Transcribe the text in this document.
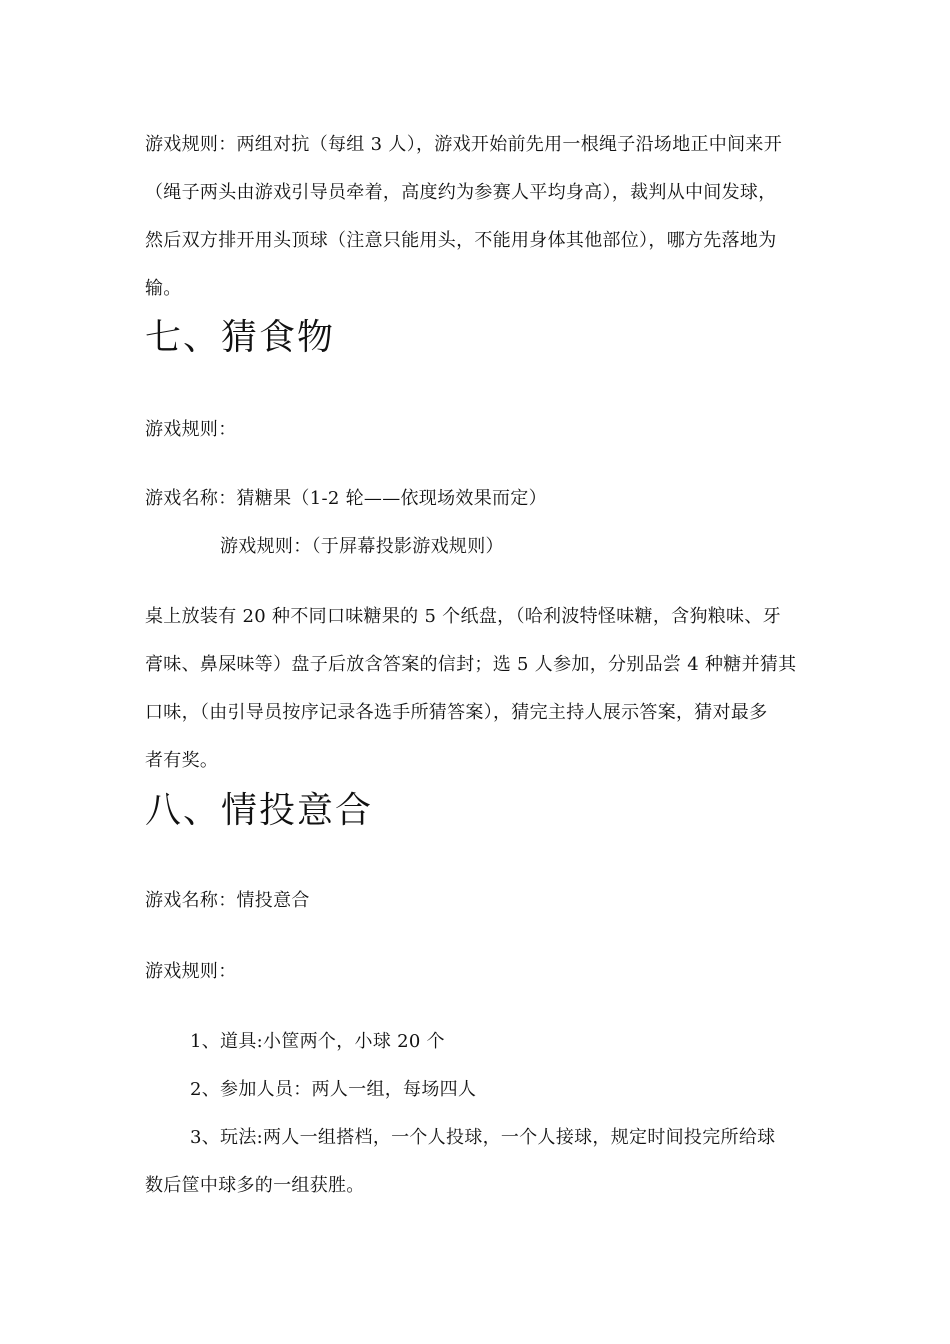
游戏规则：两组对抗（每组 3 人），游戏开始前先用一根绳子沿场地正中间来开
（绳子两头由游戏引导员牵着，高度约为参赛人平均身高），裁判从中间发球，
然后双方排开用头顶球（注意只能用头，不能用身体其他部位），哪方先落地为
输。
七、猜食物
游戏规则：
游戏名称：猜糖果（1-2 轮——依现场效果而定）
游戏规则：（于屏幕投影游戏规则）
桌上放装有 20 种不同口味糖果的 5 个纸盘，（哈利波特怪味糖，含狗粮味、牙
膏味、鼻屎味等）盘子后放含答案的信封；选 5 人参加，分别品尝 4 种糖并猜其
口味，（由引导员按序记录各选手所猜答案），猜完主持人展示答案，猜对最多
者有奖。
八、情投意合
游戏名称：情投意合
游戏规则：
1、道具:小筐两个，小球 20 个
2、参加人员：两人一组，每场四人
3、玩法:两人一组搭档，一个人投球，一个人接球，规定时间投完所给球
数后筐中球多的一组获胜。
